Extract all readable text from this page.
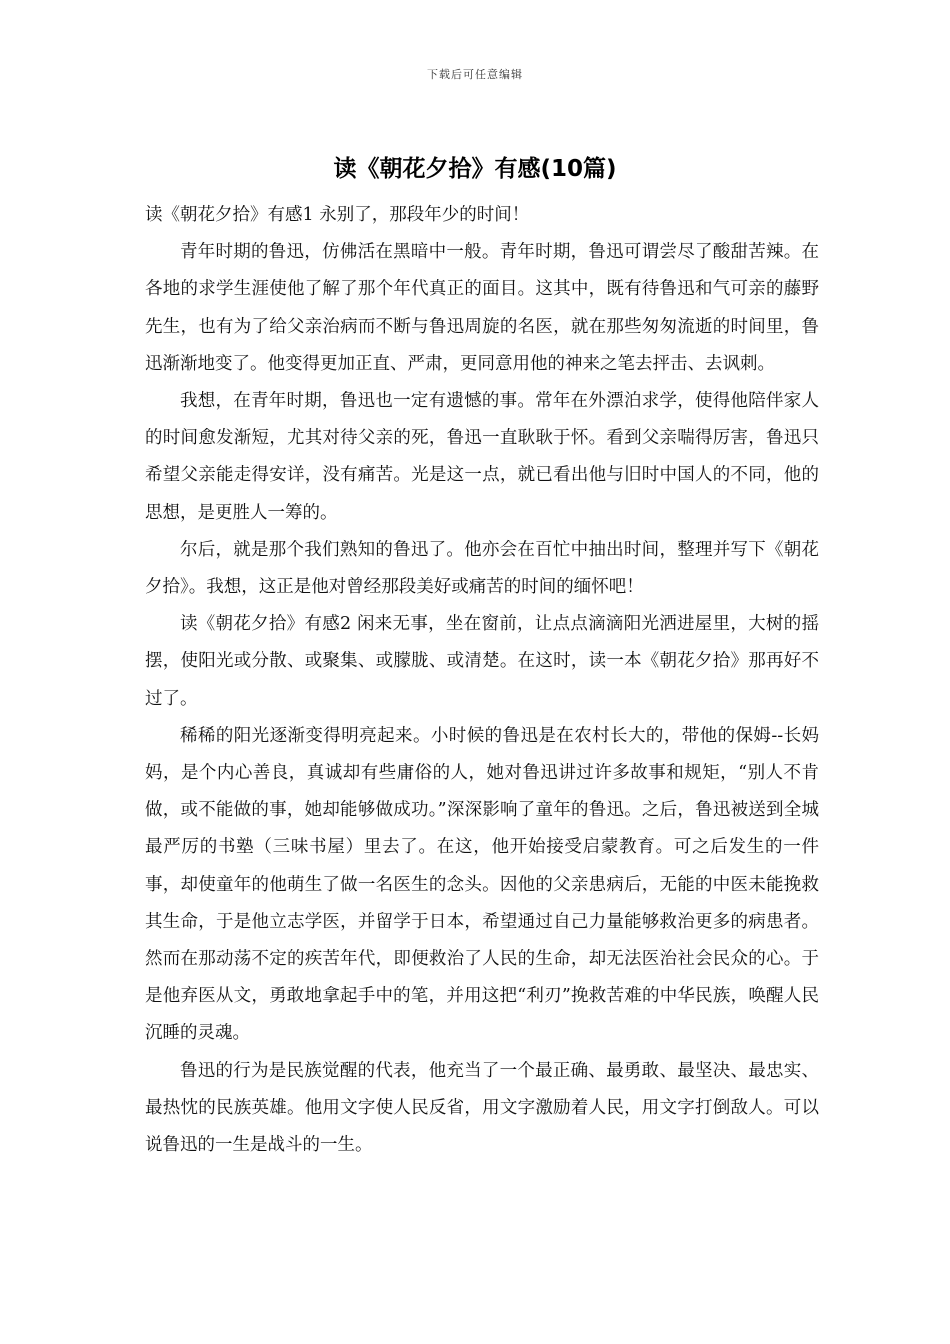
下载后可任意编辑
读《朝花夕拾》有感(10篇)

读《朝花夕拾》有感1 永别了，那段年少的时间！

青年时期的鲁迅，仿佛活在黑暗中一般。青年时期，鲁迅可谓尝尽了酸甜苦辣。在各地的求学生涯使他了解了那个年代真正的面目。这其中，既有待鲁迅和气可亲的藤野先生，也有为了给父亲治病而不断与鲁迅周旋的名医，就在那些匆匆流逝的时间里，鲁迅渐渐地变了。他变得更加正直、严肃，更同意用他的神来之笔去抨击、去讽刺。

我想，在青年时期，鲁迅也一定有遗憾的事。常年在外漂泊求学，使得他陪伴家人的时间愈发渐短，尤其对待父亲的死，鲁迅一直耿耿于怀。看到父亲喘得厉害，鲁迅只希望父亲能走得安详，没有痛苦。光是这一点，就已看出他与旧时中国人的不同，他的思想，是更胜人一筹的。

尔后，就是那个我们熟知的鲁迅了。他亦会在百忙中抽出时间，整理并写下《朝花夕拾》。我想，这正是他对曾经那段美好或痛苦的时间的缅怀吧！

读《朝花夕拾》有感2 闲来无事，坐在窗前，让点点滴滴阳光洒进屋里，大树的摇摆，使阳光或分散、或聚集、或朦胧、或清楚。在这时，读一本《朝花夕拾》那再好不过了。

稀稀的阳光逐渐变得明亮起来。小时候的鲁迅是在农村长大的，带他的保姆--长妈妈，是个内心善良，真诚却有些庸俗的人，她对鲁迅讲过许多故事和规矩，“别人不肯做，或不能做的事，她却能够做成功。”深深影响了童年的鲁迅。之后，鲁迅被送到全城最严厉的书塾（三味书屋）里去了。在这，他开始接受启蒙教育。可之后发生的一件事，却使童年的他萌生了做一名医生的念头。因他的父亲患病后，无能的中医未能挽救其生命，于是他立志学医，并留学于日本，希望通过自己力量能够救治更多的病患者。然而在那动荡不定的疾苦年代，即便救治了人民的生命，却无法医治社会民众的心。于是他弃医从文，勇敢地拿起手中的笔，并用这把“利刃”挽救苦难的中华民族，唤醒人民沉睡的灵魂。

鲁迅的行为是民族觉醒的代表，他充当了一个最正确、最勇敢、最坚决、最忠实、最热忱的民族英雄。他用文字使人民反省，用文字激励着人民，用文字打倒敌人。可以说鲁迅的一生是战斗的一生。
